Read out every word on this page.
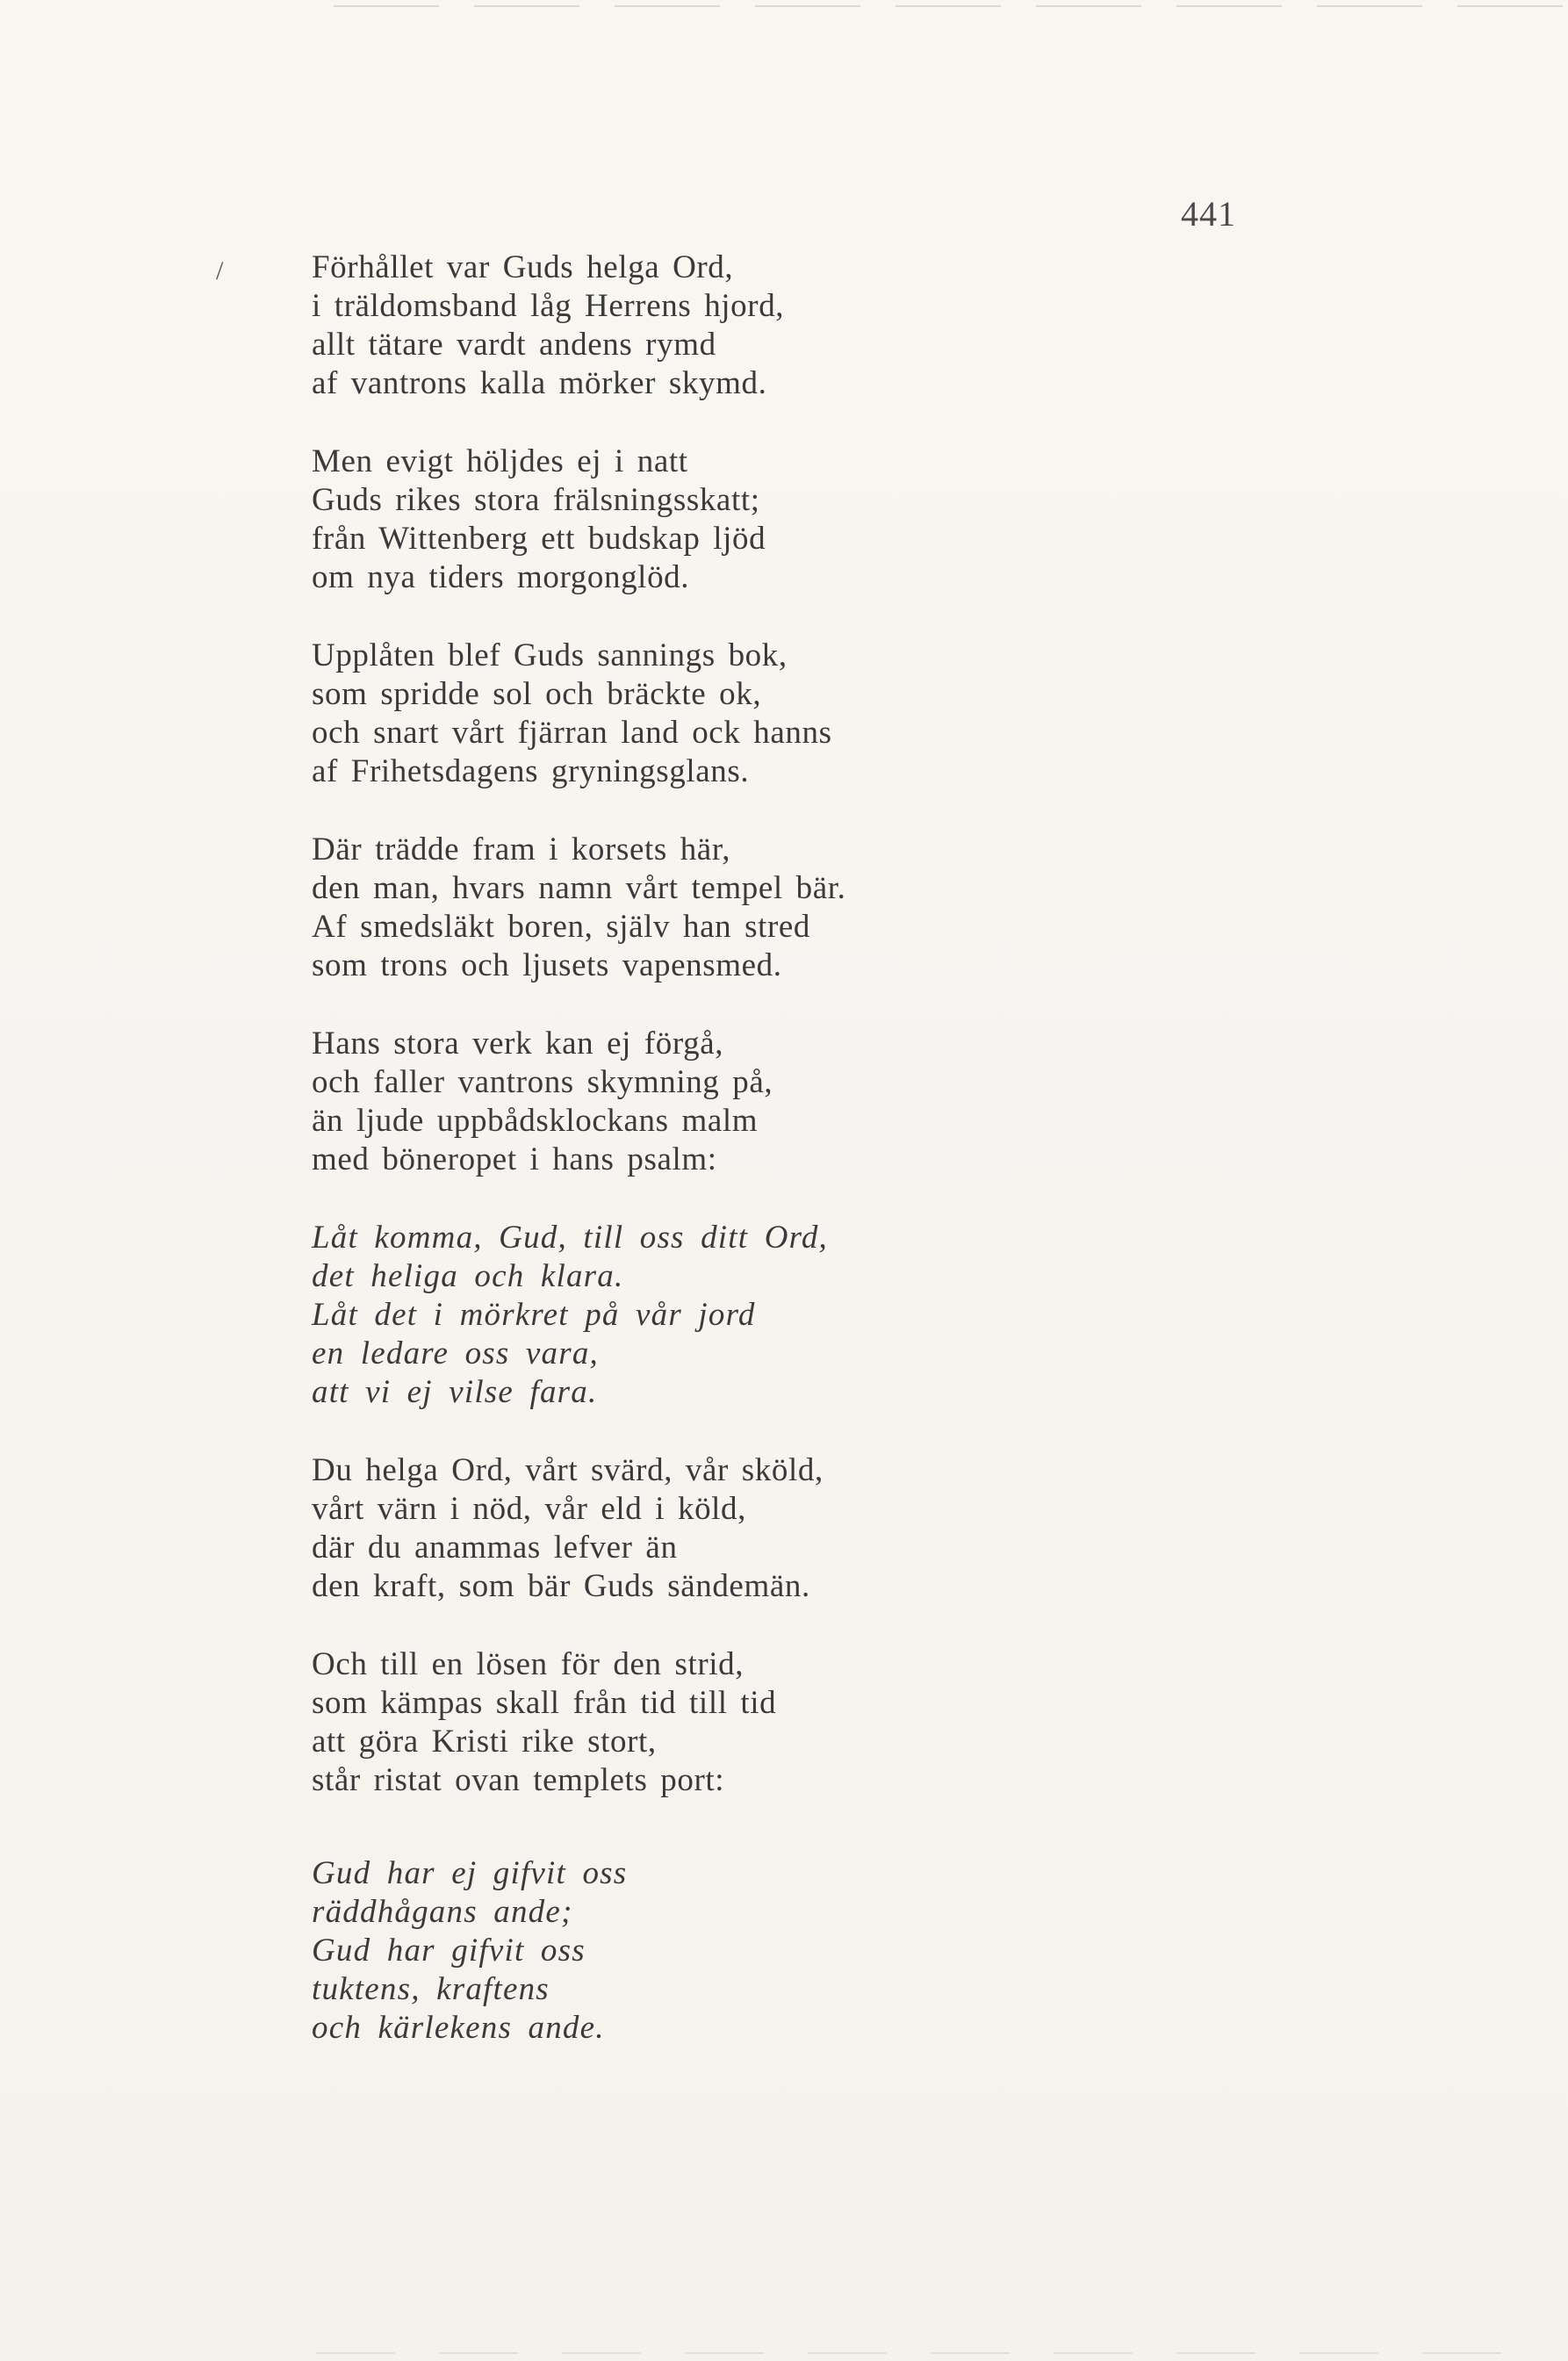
441
/	Förhållet var Guds helga Ord,
i träldomsband låg Herrens hjord,
allt tätare vardt andens rymd
af vantrons kalla mörker skymd.
Men evigt höljdes ej i natt
Guds rikes stora frälsningsskatt;
från Wittenberg ett budskap ljöd
om nya tiders morgonglöd.
Upplåten blef Guds sannings bok,
som spridde sol och bräckte ok,
och snart vårt fjärran land ock hanns
af Frihetsdagens gryningsglans.
Där trädde fram i korsets här,
den man, hvars namn vårt tempel bär.
Af smedsläkt boren, själv han stred
som trons och ljusets vapensmed.
Hans stora verk kan ej förgå,
och faller vantrons skymning på,
än ljude uppbådsklockans malm
med böneropet i hans psalm:
Låt komma, Gud, till oss ditt Ord,
det heliga och klara.
Låt det i mörkret på vår jord
en ledare oss vara,
att vi ej vilse fara.
Du helga Ord, vårt svärd, vår sköld,
vårt värn i nöd, vår eld i köld,
där du anammas lefver än
den kraft, som bär Guds sändemän.
Och till en lösen för den strid,
som kämpas skall från tid till tid
att göra Kristi rike stort,
står ristat ovan templets port:
Gud har ej gifvit oss
räddhågans ande;
Gud har gifvit oss
tuktens, kraftens
och kärlekens ande.
